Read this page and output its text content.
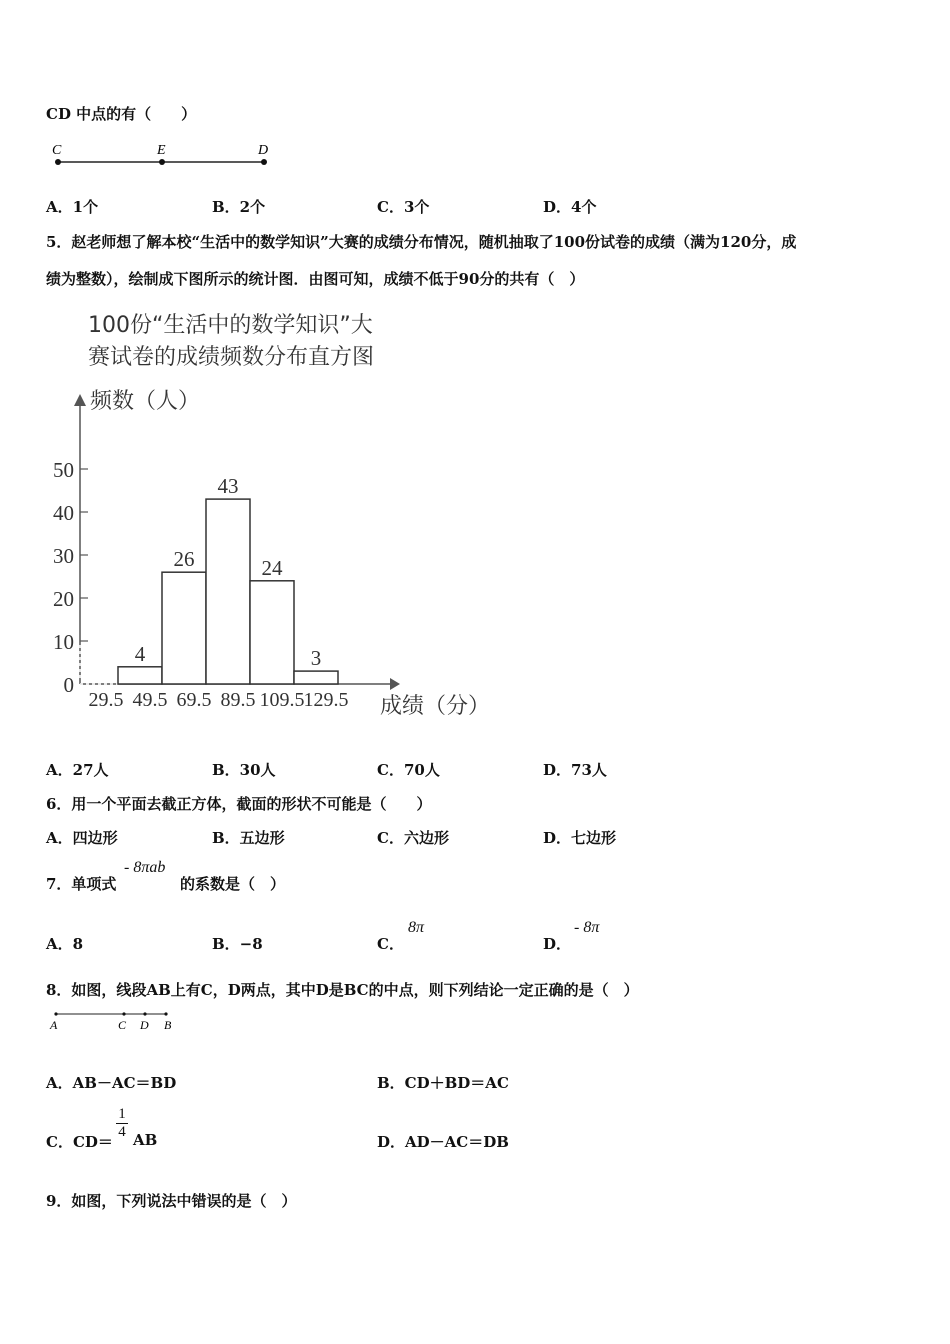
CD 中点的有（　　）
C	E	D
A．1个	B．2个	C．3个	D．4个
5．赵老师想了解本校“生活中的数学知识”大赛的成绩分布情况，随机抽取了100份试卷的成绩（满为120分，成
绩为整数），绘制成下图所示的统计图．由图可知，成绩不低于90分的共有（　）
100份“生活中的数学知识”大
赛试卷的成绩频数分布直方图
频数（人）
成绩（分）
0
10
20
30
40
50
4
26
43
24
3
29.5 49.5 69.5 89.5 109.5 129.5
A．27人	B．30人	C．70人	D．73人
6．用一个平面去截正方体，截面的形状不可能是（　　）
A．四边形	B．五边形	C．六边形	D．七边形
7．单项式
- 8πab
的系数是（　）
A．8	B．−8	C．
8π
D．
- 8π
8．如图，线段AB上有C，D两点，其中D是BC的中点，则下列结论一定正确的是（　）
A	C D B
A．AB－AC＝BD	B．CD＋BD＝AC
C．CD＝
1
4 AB	D．AD－AC＝DB
9．如图，下列说法中错误的是（　）
